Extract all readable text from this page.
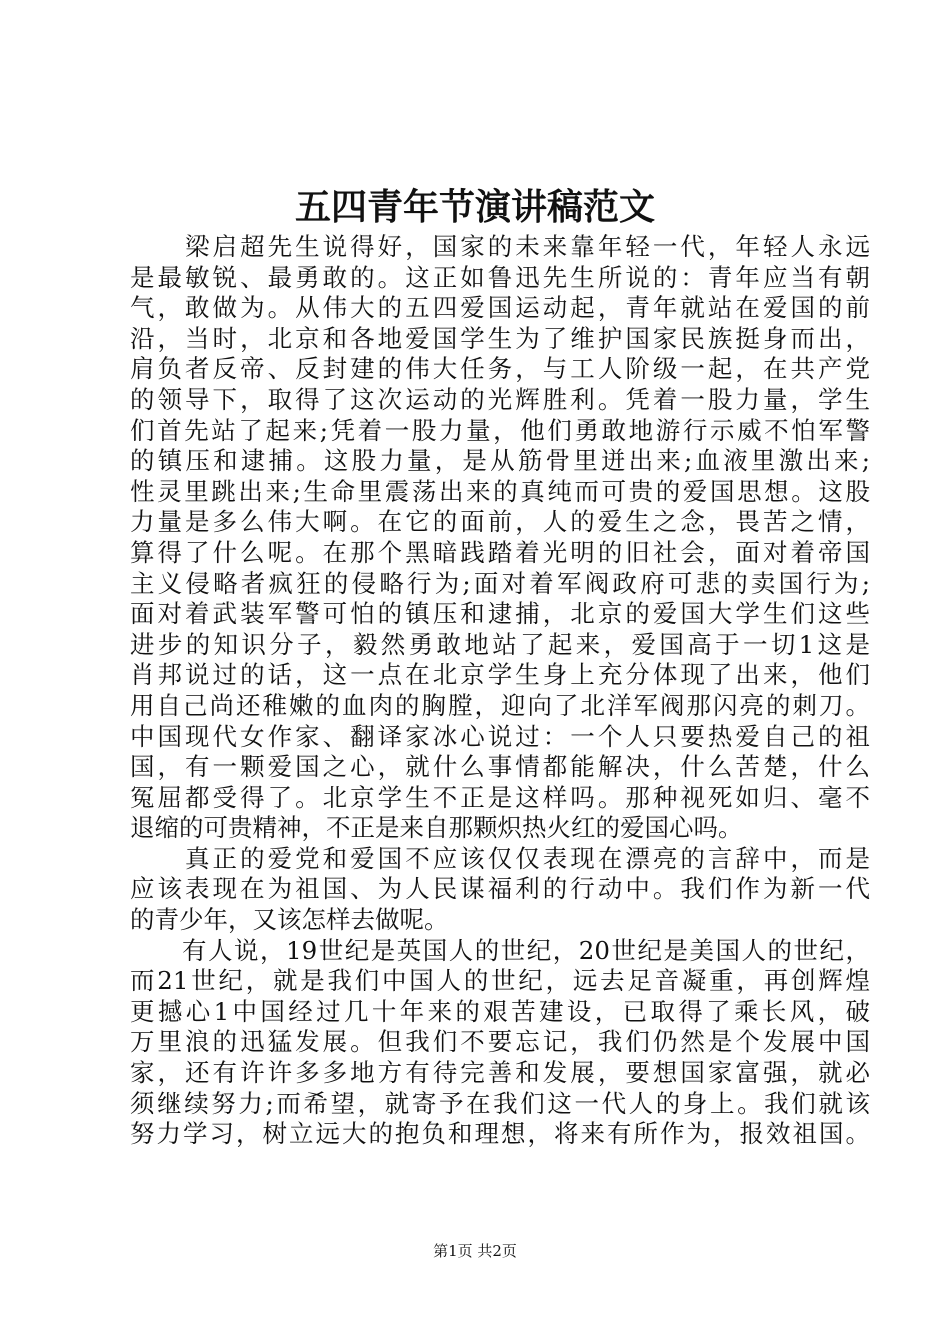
五四青年节演讲稿范文
　　梁启超先生说得好，国家的未来靠年轻一代，年轻人永远
是最敏锐、最勇敢的。这正如鲁迅先生所说的：青年应当有朝
气，敢做为。从伟大的五四爱国运动起，青年就站在爱国的前
沿，当时，北京和各地爱国学生为了维护国家民族挺身而出，
肩负者反帝、反封建的伟大任务，与工人阶级一起，在共产党
的领导下，取得了这次运动的光辉胜利。凭着一股力量，学生
们首先站了起来;凭着一股力量，他们勇敢地游行示威不怕军警
的镇压和逮捕。这股力量，是从筋骨里迸出来;血液里激出来;
性灵里跳出来;生命里震荡出来的真纯而可贵的爱国思想。这股
力量是多么伟大啊。在它的面前，人的爱生之念，畏苦之情，
算得了什么呢。在那个黑暗践踏着光明的旧社会，面对着帝国
主义侵略者疯狂的侵略行为;面对着军阀政府可悲的卖国行为;
面对着武装军警可怕的镇压和逮捕，北京的爱国大学生们这些
进步的知识分子，毅然勇敢地站了起来，爱国高于一切1这是
肖邦说过的话，这一点在北京学生身上充分体现了出来，他们
用自己尚还稚嫩的血肉的胸膛，迎向了北洋军阀那闪亮的刺刀。
中国现代女作家、翻译家冰心说过：一个人只要热爱自己的祖
国，有一颗爱国之心，就什么事情都能解决，什么苦楚，什么
冤屈都受得了。北京学生不正是这样吗。那种视死如归、毫不
退缩的可贵精神，不正是来自那颗炽热火红的爱国心吗。
　　真正的爱党和爱国不应该仅仅表现在漂亮的言辞中，而是
应该表现在为祖国、为人民谋福利的行动中。我们作为新一代
的青少年，又该怎样去做呢。
　　有人说，19世纪是英国人的世纪，20世纪是美国人的世纪，
而21世纪，就是我们中国人的世纪，远去足音凝重，再创辉煌
更撼心1中国经过几十年来的艰苦建设，已取得了乘长风，破
万里浪的迅猛发展。但我们不要忘记，我们仍然是个发展中国
家，还有许许多多地方有待完善和发展，要想国家富强，就必
须继续努力;而希望，就寄予在我们这一代人的身上。我们就该
努力学习，树立远大的抱负和理想，将来有所作为，报效祖国。
第1页 共2页
